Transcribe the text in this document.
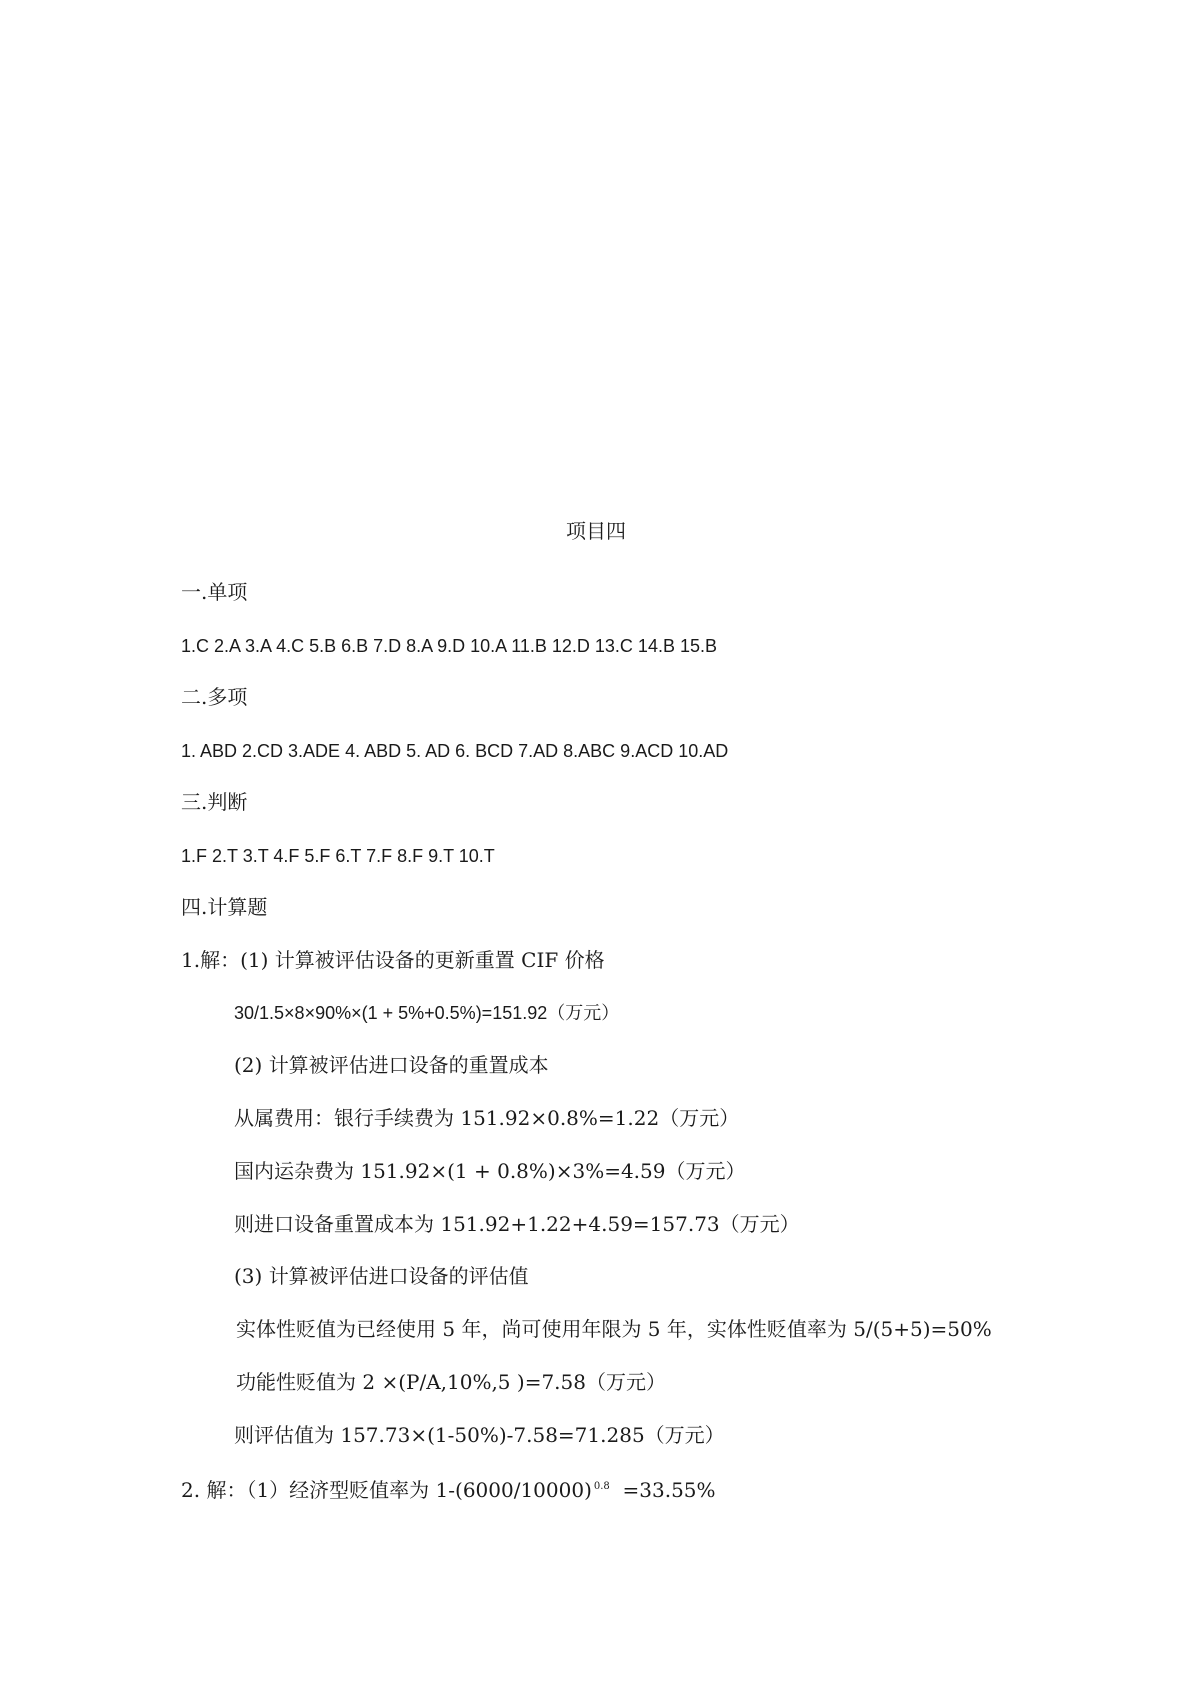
项目四
一.单项
1.C 2.A 3.A 4.C 5.B 6.B 7.D 8.A 9.D 10.A 11.B 12.D 13.C 14.B 15.B
二.多项
1. ABD 2.CD 3.ADE 4. ABD 5. AD 6. BCD 7.AD 8.ABC 9.ACD 10.AD
三.判断
1.F 2.T 3.T 4.F 5.F 6.T 7.F 8.F 9.T 10.T
四.计算题
1.解：(1) 计算被评估设备的更新重置 CIF 价格
30/1.5×8×90%×(1 + 5%+0.5%)=151.92（万元）
(2) 计算被评估进口设备的重置成本
从属费用：银行手续费为 151.92×0.8%=1.22（万元）
国内运杂费为 151.92×(1 + 0.8%)×3%=4.59（万元）
则进口设备重置成本为 151.92+1.22+4.59=157.73（万元）
(3) 计算被评估进口设备的评估值
实体性贬值为已经使用 5 年，尚可使用年限为 5 年，实体性贬值率为 5/(5+5)=50%
功能性贬值为 2 ×(P/A,10%,5 )=7.58（万元）
则评估值为 157.73×(1-50%)-7.58=71.285（万元）
2. 解：（1）经济型贬值率为 1-(6000/10000) $^{0.8}$  =33.55%
